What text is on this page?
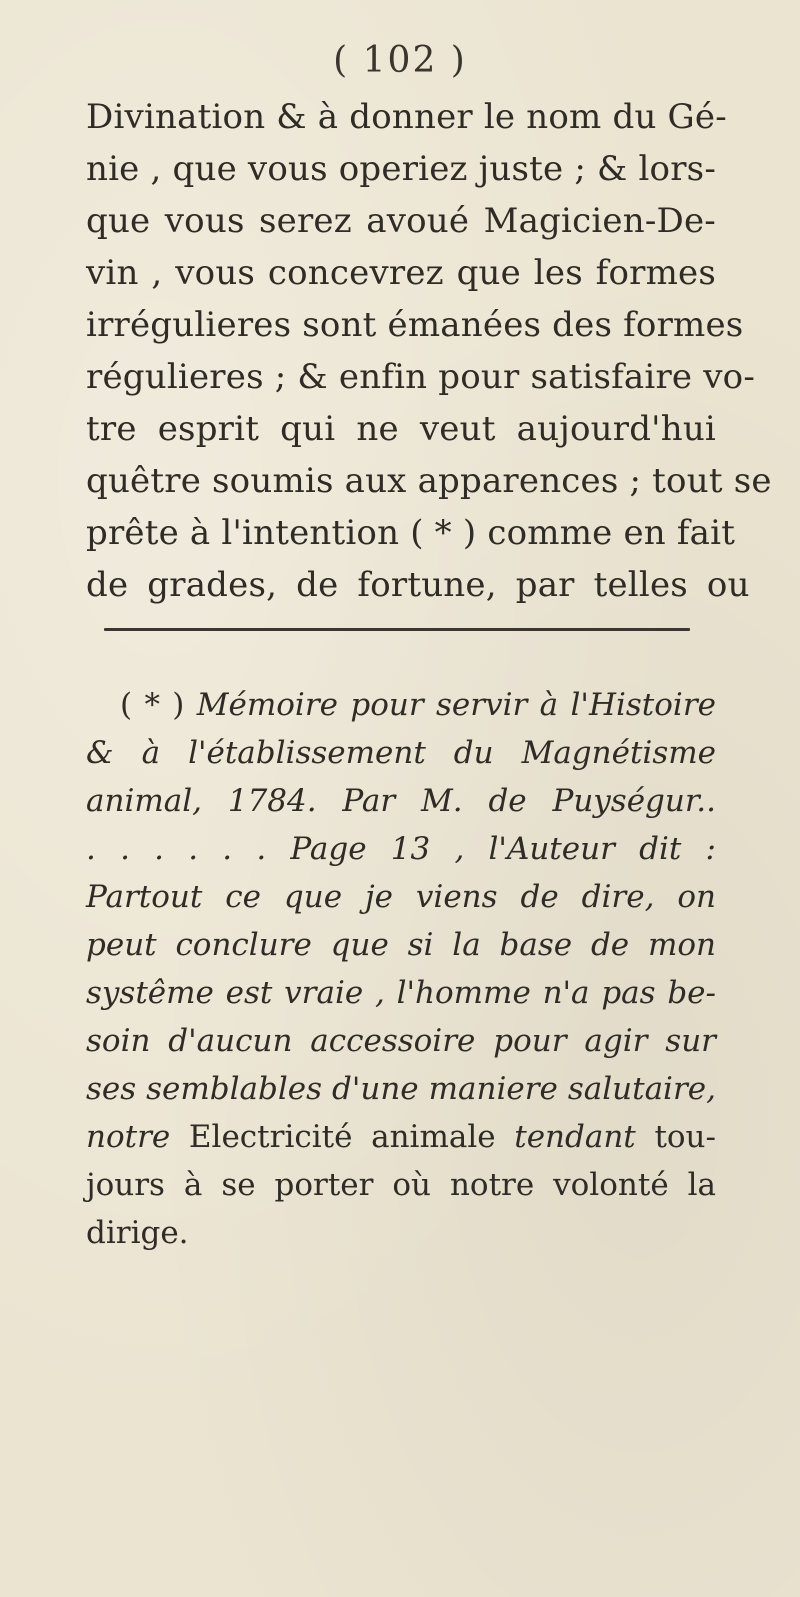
( 102 )
Divination & à donner le nom du Gé-
nie , que vous operiez juste ; & lors-
que vous serez avoué Magicien-De-
vin , vous concevrez que les formes
irrégulieres sont émanées des formes
régulieres ; & enfin pour satisfaire vo-
tre esprit qui ne veut aujourd'hui
quêtre soumis aux apparences ; tout se
prête à l'intention ( * ) comme en fait
de grades, de fortune, par telles ou
( * ) Mémoire pour servir à l'Histoire
& à l'établissement du Magnétisme
animal, 1784. Par M. de Puységur..
. . . . . . Page 13 , l'Auteur dit :
Partout ce que je viens de dire, on
peut conclure que si la base de mon
systême est vraie , l'homme n'a pas be-
soin d'aucun accessoire pour agir sur
ses semblables d'une maniere salutaire,
notre Electricité animale tendant tou-
jours à se porter où notre volonté la
dirige.
